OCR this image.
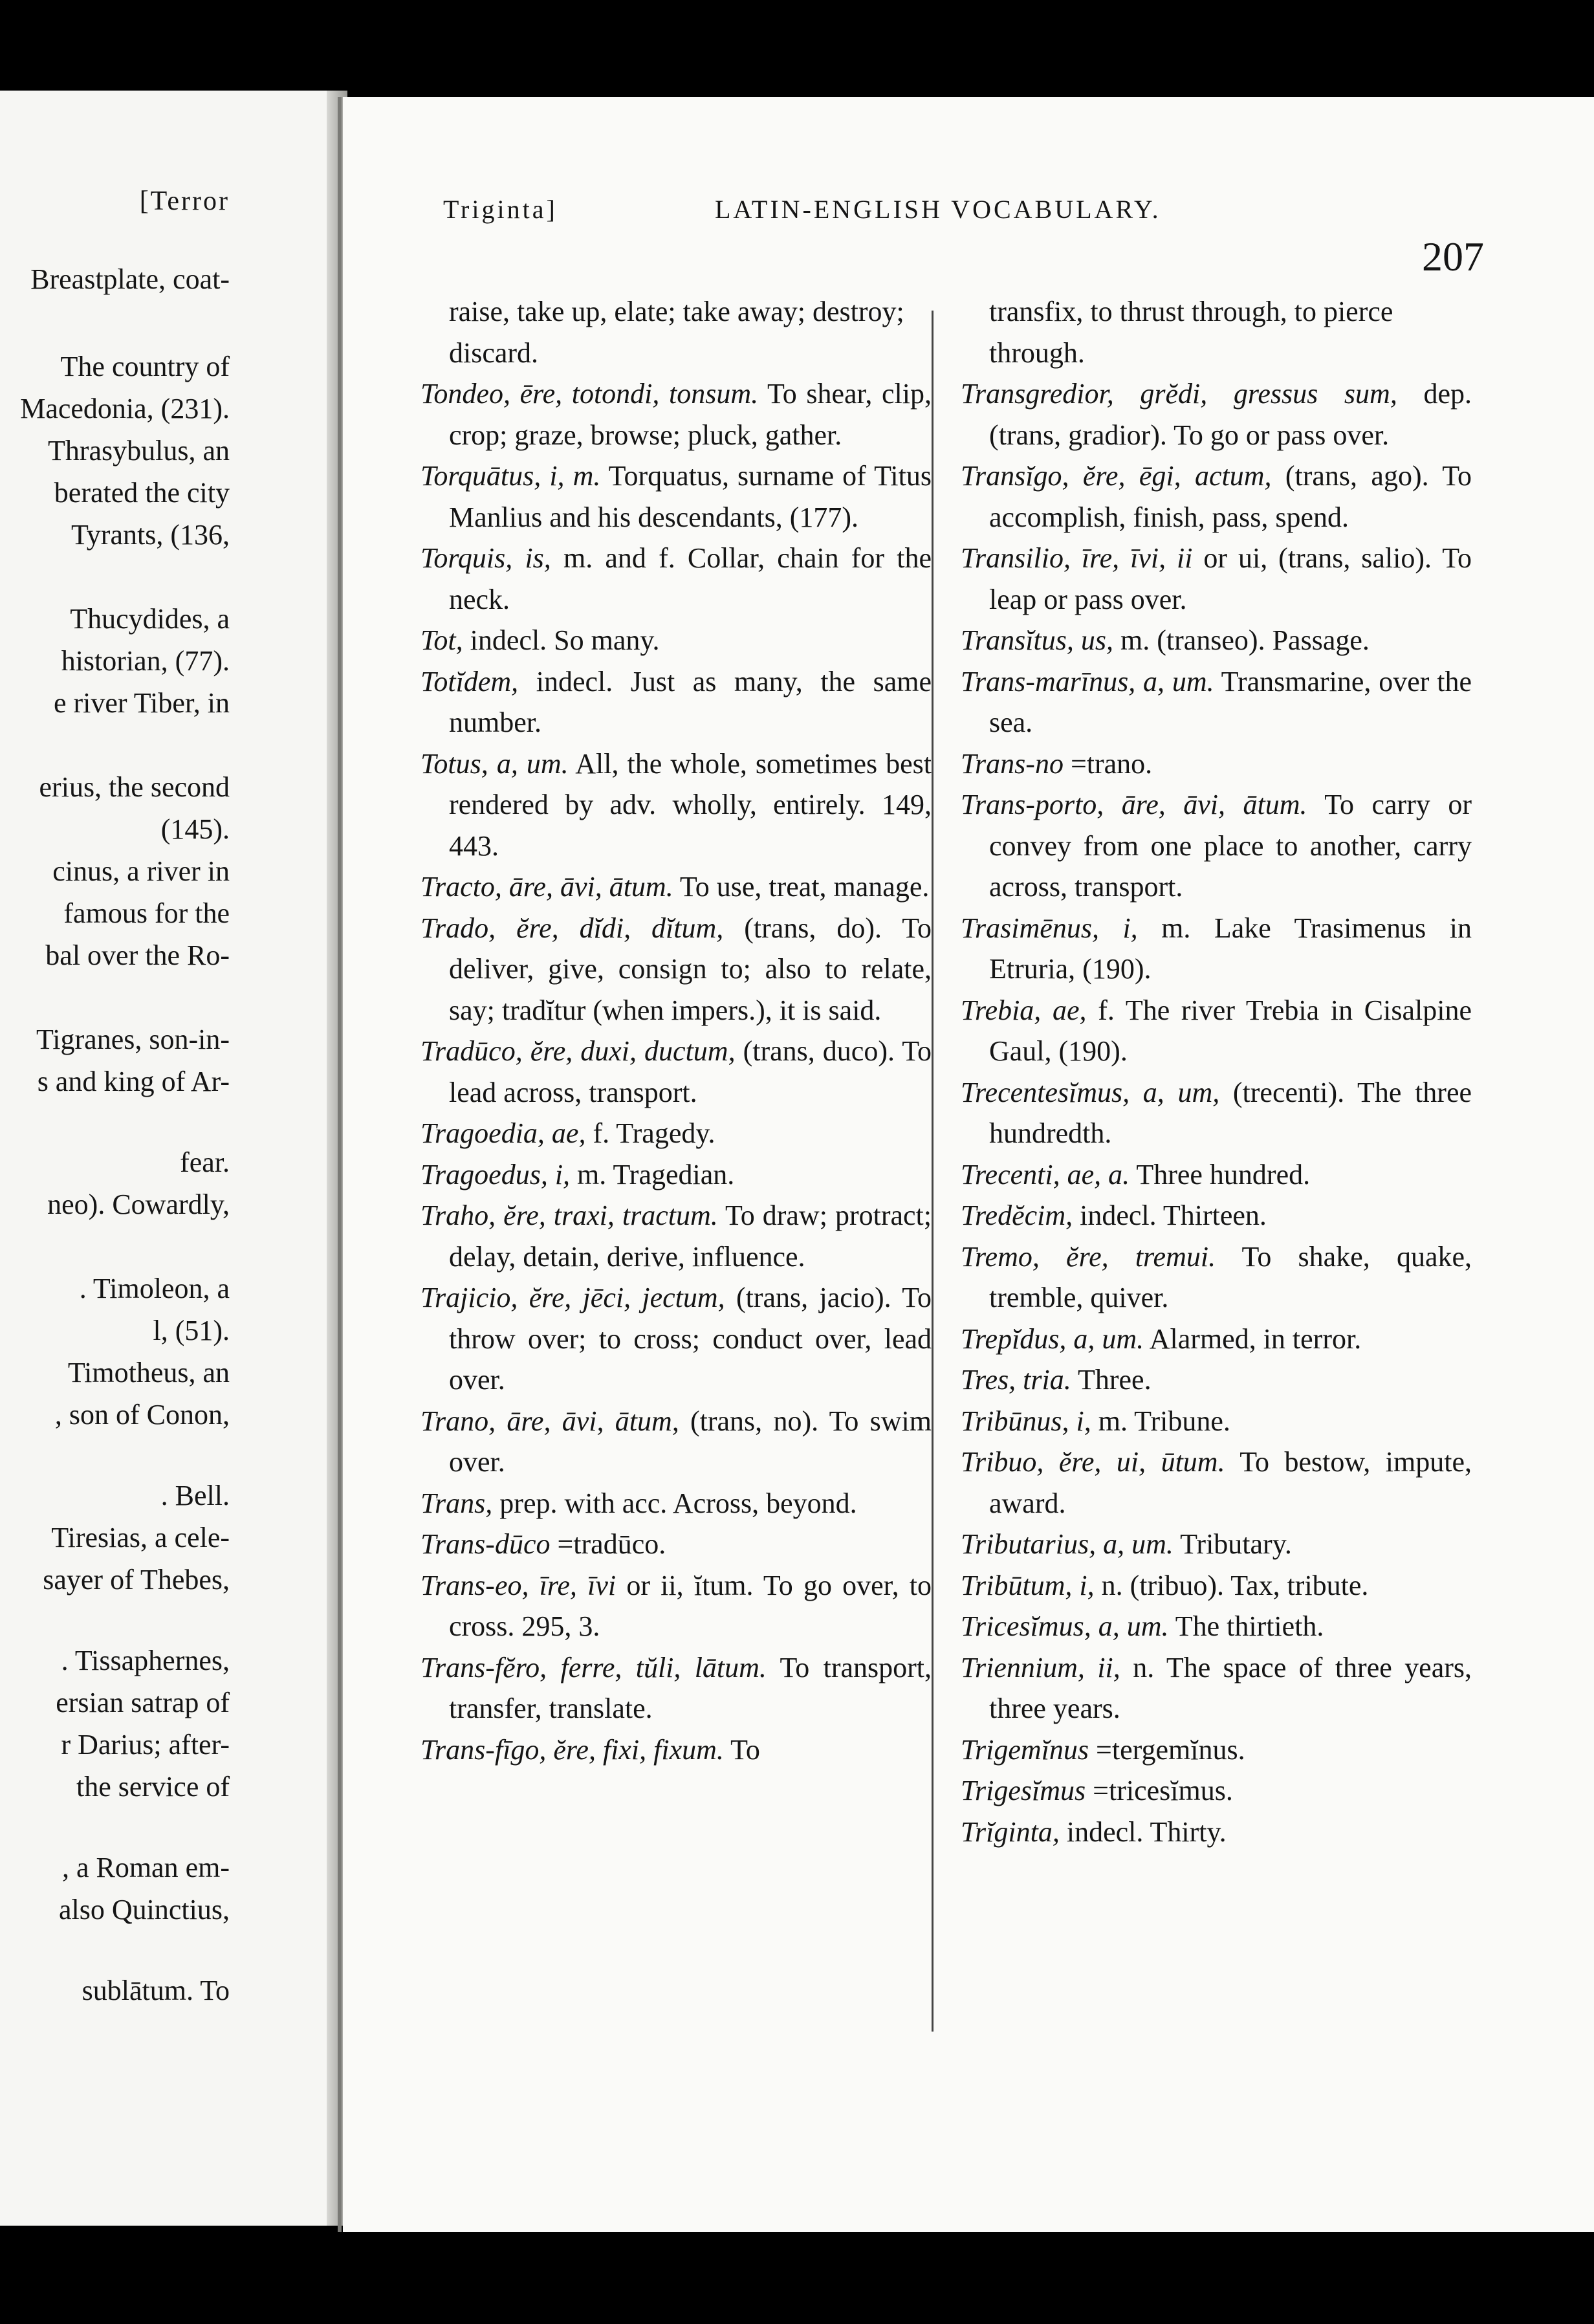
[Terror
Breastplate, coat-
The country of
Macedonia, (231).
Thrasybulus, an
berated the city
Tyrants, (136,
Thucydides, a
historian, (77).
e river Tiber, in
erius, the second
(145).
cinus, a river in
famous for the
bal over the Ro-
Tigranes, son-in-
s and king of Ar-
fear.
neo). Cowardly,
. Timoleon, a
l, (51).
Timotheus, an
, son of Conon,
. Bell.
Tiresias, a cele-
sayer of Thebes,
. Tissaphernes,
ersian satrap of
r Darius; after-
the service of
, a Roman em-
also Quinctius,
sublātum. To
Triginta]	LATIN-ENGLISH VOCABULARY.
207

raise, take up, elate; take away; destroy; discard.

Tondeo, ēre, totondi, tonsum. To shear, clip, crop; graze, browse; pluck, gather.

Torquātus, i, m. Torquatus, surname of Titus Manlius and his descendants, (177).

Torquis, is, m. and f. Collar, chain for the neck.

Tot, indecl. So many.

Totĭdem, indecl. Just as many, the same number.

Totus, a, um. All, the whole, sometimes best rendered by adv. wholly, entirely. 149, 443.

Tracto, āre, āvi, ātum. To use, treat, manage.

Trado, ĕre, dĭdi, dĭtum, (trans, do). To deliver, give, consign to; also to relate, say; tradĭtur (when impers.), it is said.

Tradūco, ĕre, duxi, ductum, (trans, duco). To lead across, transport.

Tragoedia, ae, f. Tragedy.

Tragoedus, i, m. Tragedian.

Traho, ĕre, traxi, tractum. To draw; protract; delay, detain, derive, influence.

Trajicio, ĕre, jēci, jectum, (trans, jacio). To throw over; to cross; conduct over, lead over.

Trano, āre, āvi, ātum, (trans, no). To swim over.

Trans, prep. with acc. Across, beyond.

Trans-dūco =tradūco.

Trans-eo, īre, īvi or ii, ĭtum. To go over, to cross. 295, 3.

Trans-fĕro, ferre, tŭli, lātum. To transport, transfer, translate.

Trans-fīgo, ĕre, fixi, fixum. To

transfix, to thrust through, to pierce through.

Transgredior, grĕdi, gressus sum, dep. (trans, gradior). To go or pass over.

Transĭgo, ĕre, ēgi, actum, (trans, ago). To accomplish, finish, pass, spend.

Transilio, īre, īvi, ii or ui, (trans, salio). To leap or pass over.

Transĭtus, us, m. (transeo). Passage.

Trans-marīnus, a, um. Transmarine, over the sea.

Trans-no =trano.

Trans-porto, āre, āvi, ātum. To carry or convey from one place to another, carry across, transport.

Trasimēnus, i, m. Lake Trasimenus in Etruria, (190).

Trebia, ae, f. The river Trebia in Cisalpine Gaul, (190).

Trecentesĭmus, a, um, (trecenti). The three hundredth.

Trecenti, ae, a. Three hundred.

Tredĕcim, indecl. Thirteen.

Tremo, ĕre, tremui. To shake, quake, tremble, quiver.

Trepĭdus, a, um. Alarmed, in terror.

Tres, tria. Three.

Tribūnus, i, m. Tribune.

Tribuo, ĕre, ui, ūtum. To bestow, impute, award.

Tributarius, a, um. Tributary.

Tribūtum, i, n. (tribuo). Tax, tribute.

Tricesĭmus, a, um. The thirtieth.

Triennium, ii, n. The space of three years, three years.

Trigemĭnus =tergemĭnus.

Trigesĭmus =tricesĭmus.

Trĭginta, indecl. Thirty.
